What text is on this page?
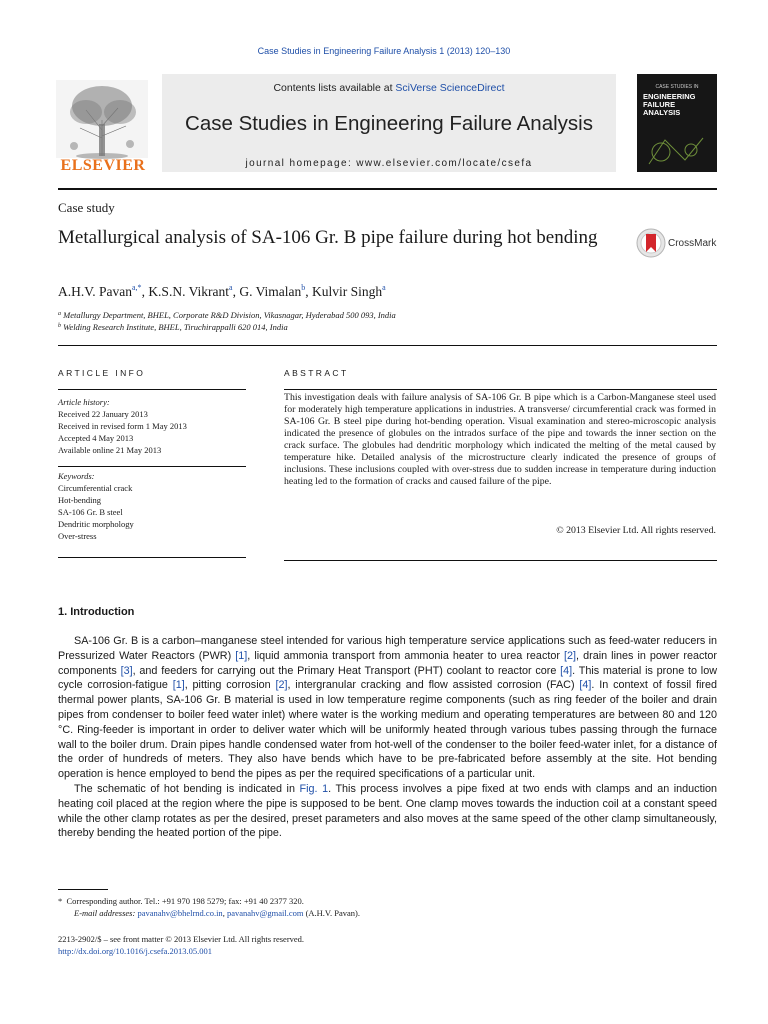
Case Studies in Engineering Failure Analysis 1 (2013) 120–130
ELSEVIER
Contents lists available at SciVerse ScienceDirect
Case Studies in Engineering Failure Analysis
journal homepage: www.elsevier.com/locate/csefa
CASE STUDIES IN
ENGINEERING FAILURE ANALYSIS
Case study
Metallurgical analysis of SA-106 Gr. B pipe failure during hot bending	CrossMark
A.H.V. Pavan$^{a,*}$, K.S.N. Vikrant$^a$, G. Vimalan$^b$, Kulvir Singh$^a$
$^a$ Metallurgy Department, BHEL, Corporate R&D Division, Vikasnagar, Hyderabad 500 093, India
$^b$ Welding Research Institute, BHEL, Tiruchirappalli 620 014, India
ARTICLE INFO	ABSTRACT
Article history:
Received 22 January 2013
Received in revised form 1 May 2013
Accepted 4 May 2013
Available online 21 May 2013
Keywords:
Circumferential crack
Hot-bending
SA-106 Gr. B steel
Dendritic morphology
Over-stress
This investigation deals with failure analysis of SA-106 Gr. B pipe which is a Carbon-Manganese steel used for moderately high temperature applications in industries. A transverse/ circumferential crack was formed in SA-106 Gr. B steel pipe during hot-bending operation. Visual examination and stereo-microscopic analysis indicated the presence of globules on the intrados surface of the pipe and towards the inner section on the crack surface. The globules had dendritic morphology which indicated the melting of the metal caused by temperature hike. Detailed analysis of the microstructure clearly indicated the presence of groups of inclusions. These inclusions coupled with over-stress due to sudden increase in temperature during induction heating led to the formation of cracks and caused failure of the pipe.
© 2013 Elsevier Ltd. All rights reserved.
1. Introduction

SA-106 Gr. B is a carbon–manganese steel intended for various high temperature service applications such as feed-water reducers in Pressurized Water Reactors (PWR) [1], liquid ammonia transport from ammonia heater to urea reactor [2], drain lines in power reactor components [3], and feeders for carrying out the Primary Heat Transport (PHT) coolant to reactor core [4]. This material is prone to low cycle corrosion-fatigue [1], pitting corrosion [2], intergranular cracking and flow assisted corrosion (FAC) [4]. In context of fossil fired thermal power plants, SA-106 Gr. B material is used in low temperature regime components (such as ring feeder of the boiler and drain pipes from condenser to boiler feed water inlet) where water is the working medium and operating temperatures are between 80 and 120 °C. Ring-feeder is important in order to deliver water which will be uniformly heated through various tubes passing through the furnace wall to the boiler drum. Drain pipes handle condensed water from hot-well of the condenser to the boiler feed-water inlet, for a distance of the order of hundreds of meters. They also have bends which have to be pre-fabricated before assembly at the site. Hot bending operation is hence employed to bend the pipes as per the required specifications of a particular unit.

The schematic of hot bending is indicated in Fig. 1. This process involves a pipe fixed at two ends with clamps and an induction heating coil placed at the region where the pipe is supposed to be bent. One clamp moves towards the induction coil at a constant speed while the other clamp rotates as per the desired, preset parameters and also moves at the same speed of the other clamp simultaneously, thereby bending the heated portion of the pipe.

*  Corresponding author. Tel.: +91 970 198 5279; fax: +91 40 2377 320.
E-mail addresses: pavanahv@bhelrnd.co.in, pavanahv@gmail.com (A.H.V. Pavan).
2213-2902/$ – see front matter © 2013 Elsevier Ltd. All rights reserved.
http://dx.doi.org/10.1016/j.csefa.2013.05.001
